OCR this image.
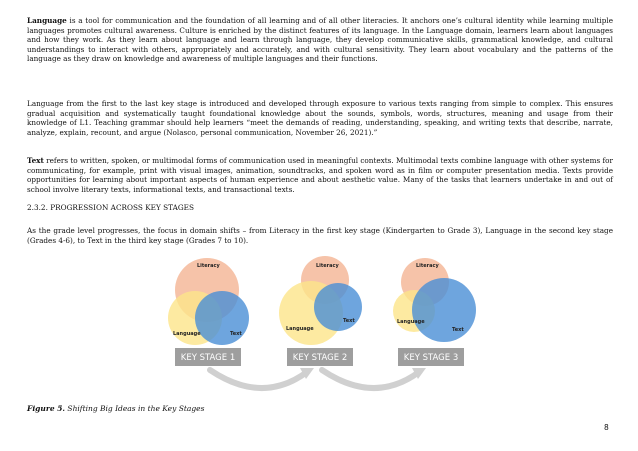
Language is a tool for communication and the foundation of all learning and of all other literacies. It anchors one’s cultural identity while learning multiple languages promotes cultural awareness. Culture is enriched by the distinct features of its language. In the Language domain, learners learn about languages and how they work. As they learn about language and learn through language, they develop communicative skills, grammatical knowledge, and cultural understandings to interact with others, appropriately and accurately, and with cultural sensitivity. They learn about vocabulary and the patterns of the language as they draw on knowledge and awareness of multiple languages and their functions.

Language from the first to the last key stage is introduced and developed through exposure to various texts ranging from simple to complex. This ensures gradual acquisition and systematically taught foundational knowledge about the sounds, symbols, words, structures, meaning and usage from their knowledge of L1. Teaching grammar should help learners “meet the demands of reading, understanding, speaking, and writing texts that describe, narrate, analyze, explain, recount, and argue (Nolasco, personal communication, November 26, 2021).”

Text refers to written, spoken, or multimodal forms of communication used in meaningful contexts. Multimodal texts combine language with other systems for communicating, for example, print with visual images, animation, soundtracks, and spoken word as in film or computer presentation media. Texts provide opportunities for learning about important aspects of human experience and about aesthetic value. Many of the tasks that learners undertake in and out of school involve literary texts, informational texts, and transactional texts.

2.3.2. PROGRESSION ACROSS KEY STAGES

As the grade level progresses, the focus in domain shifts – from Literacy in the first key stage (Kindergarten to Grade 3), Language in the second key stage (Grades 4-6), to Text in the third key stage (Grades 7 to 10).

Literacy
Language	Text
Literacy
Language
Text
Literacy
Language
Text
KEY STAGE 1	KEY STAGE 2	KEY STAGE 3

Figure 5. Shifting Big Ideas in the Key Stages

8
